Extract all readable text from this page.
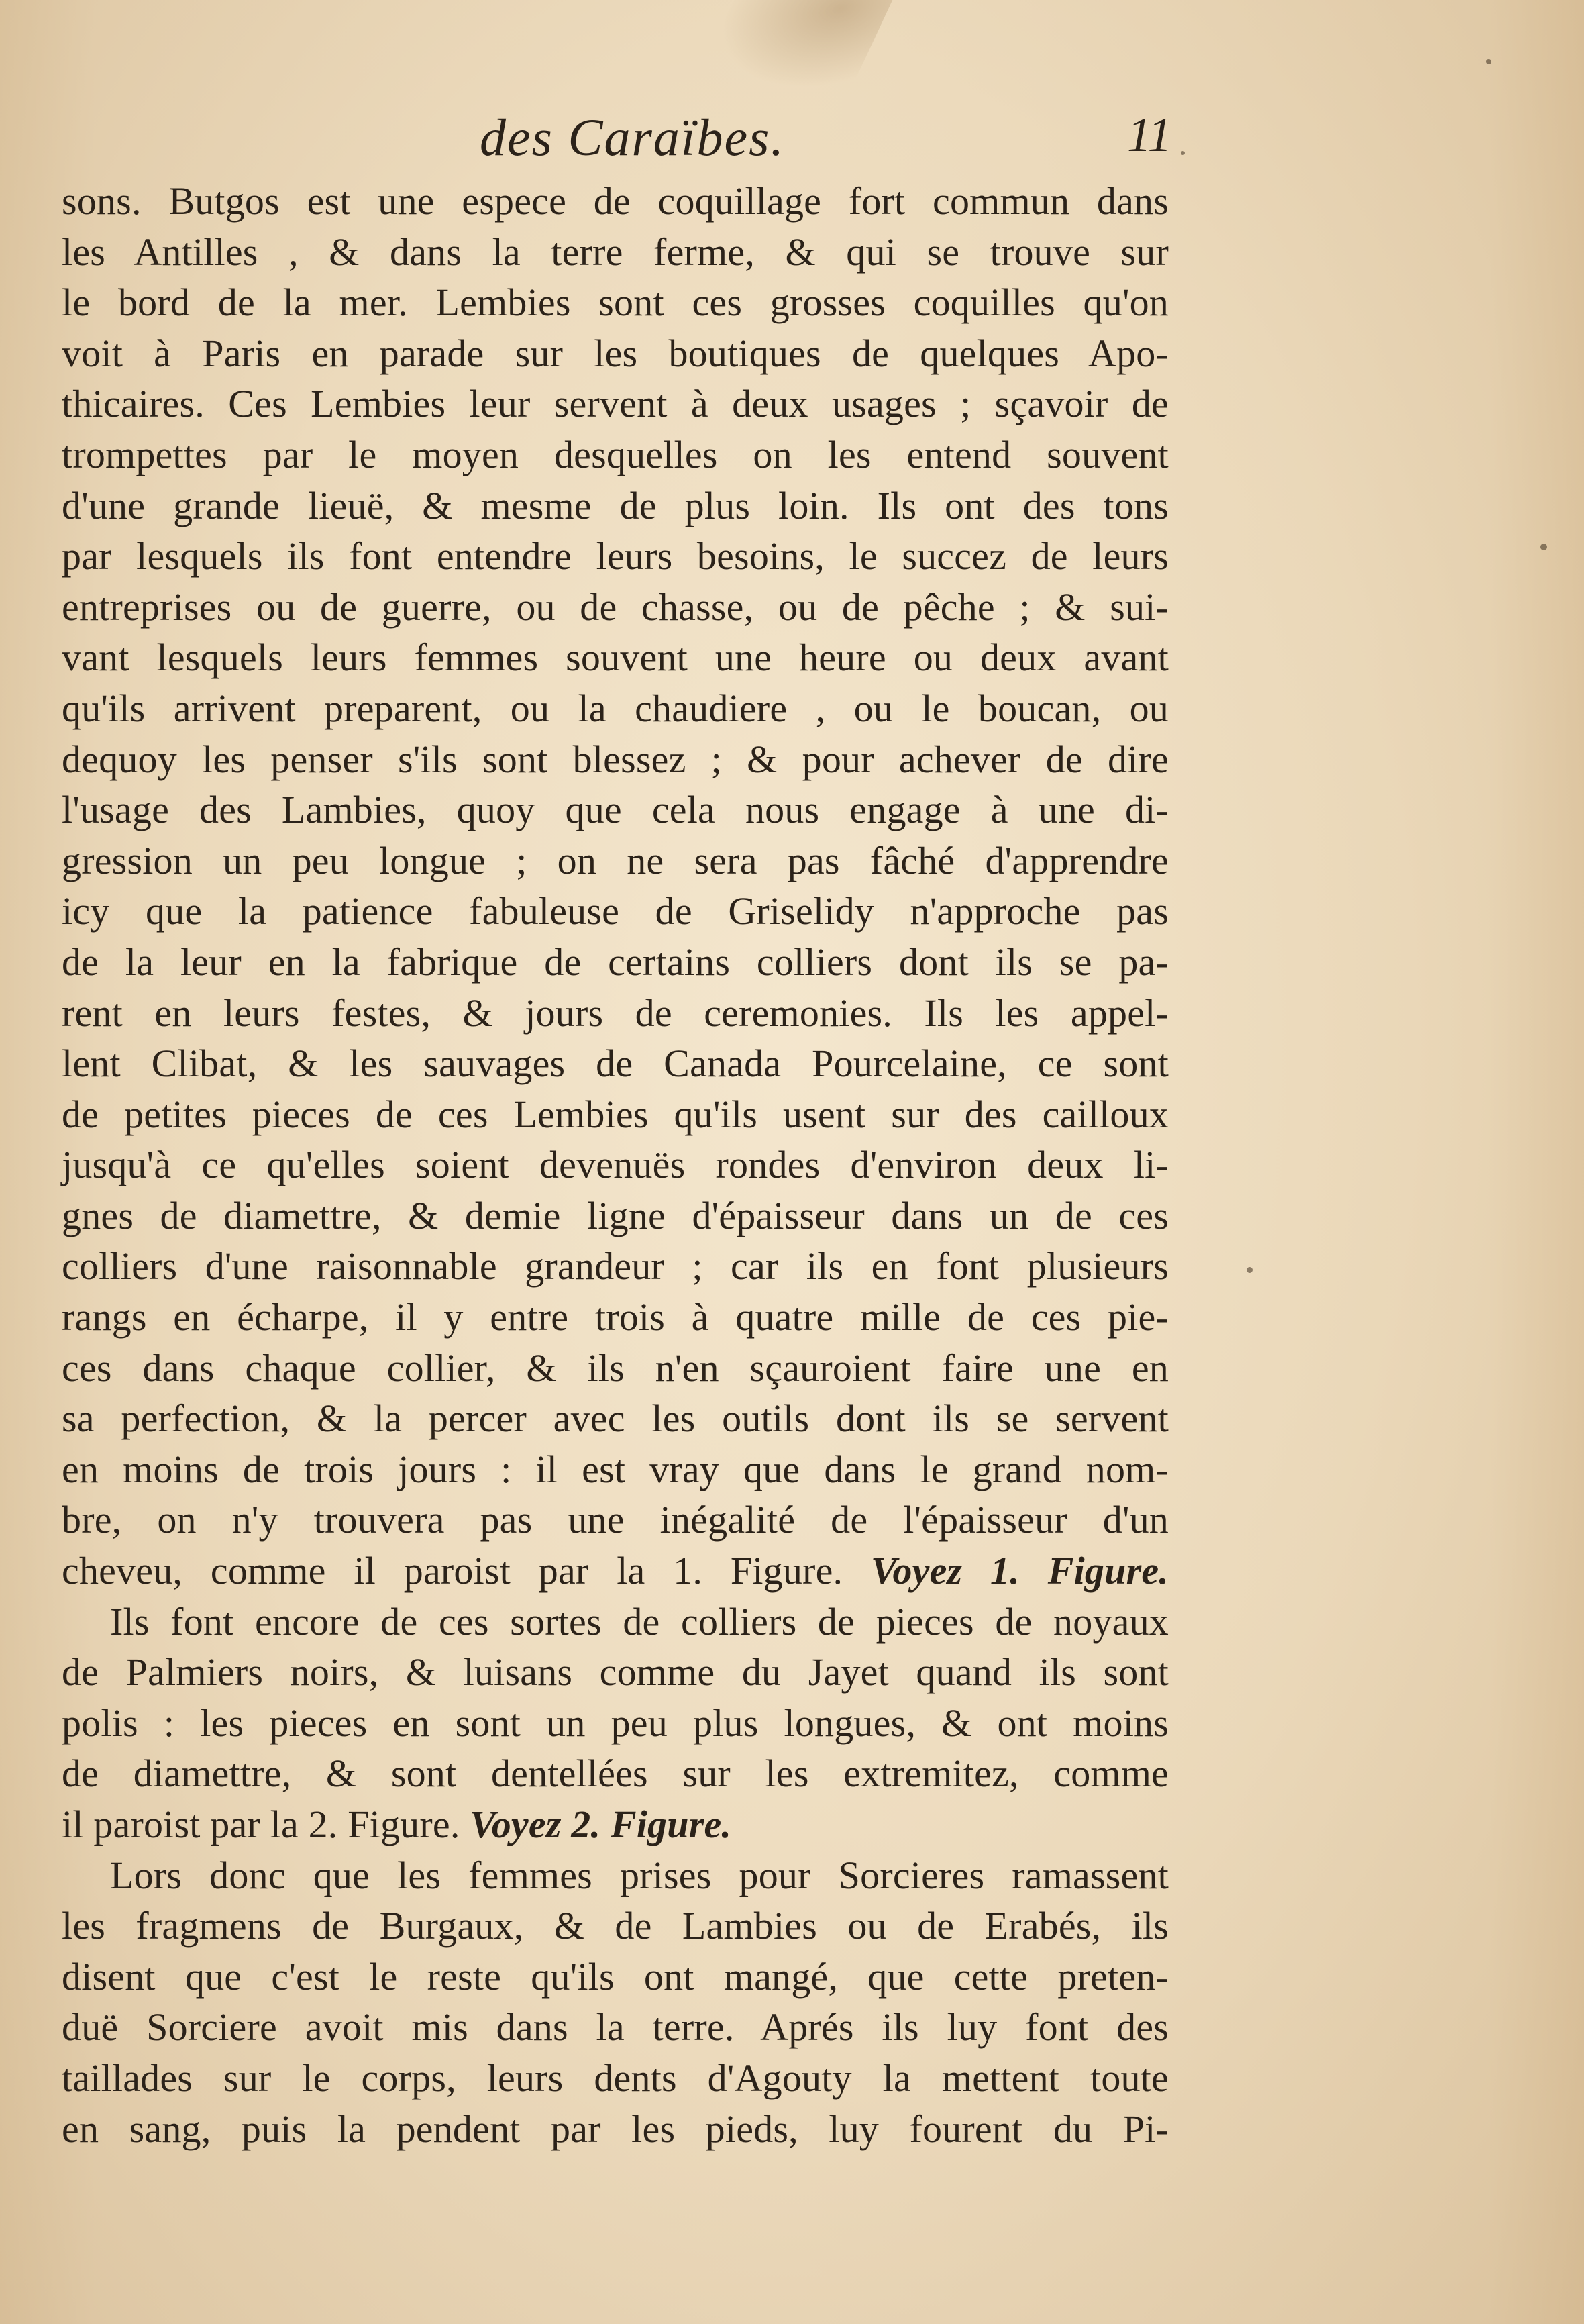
des Caraïbes.	11
sons. Butgos est une espece de coquillage fort commun dans
les Antilles , & dans la terre ferme, & qui se trouve sur
le bord de la mer. Lembies sont ces grosses coquilles qu'on
voit à Paris en parade sur les boutiques de quelques Apo-
thicaires. Ces Lembies leur servent à deux usages ; sçavoir de
trompettes par le moyen desquelles on les entend souvent
d'une grande lieuë, & mesme de plus loin. Ils ont des tons
par lesquels ils font entendre leurs besoins, le succez de leurs
entreprises ou de guerre, ou de chasse, ou de pêche ; & sui-
vant lesquels leurs femmes souvent une heure ou deux avant
qu'ils arrivent preparent, ou la chaudiere , ou le boucan, ou
dequoy les penser s'ils sont blessez ; & pour achever de dire
l'usage des Lambies, quoy que cela nous engage à une di-
gression un peu longue ; on ne sera pas fâché d'apprendre
icy que la patience fabuleuse de Griselidy n'approche pas
de la leur en la fabrique de certains colliers dont ils se pa-
rent en leurs festes, & jours de ceremonies. Ils les appel-
lent Clibat, & les sauvages de Canada Pourcelaine, ce sont
de petites pieces de ces Lembies qu'ils usent sur des cailloux
jusqu'à ce qu'elles soient devenuës rondes d'environ deux li-
gnes de diamettre, & demie ligne d'épaisseur dans un de ces
colliers d'une raisonnable grandeur ; car ils en font plusieurs
rangs en écharpe, il y entre trois à quatre mille de ces pie-
ces dans chaque collier, & ils n'en sçauroient faire une en
sa perfection, & la percer avec les outils dont ils se servent
en moins de trois jours : il est vray que dans le grand nom-
bre, on n'y trouvera pas une inégalité de l'épaisseur d'un
cheveu, comme il paroist par la 1. Figure. Voyez 1. Figure.
Ils font encore de ces sortes de colliers de pieces de noyaux
de Palmiers noirs, & luisans comme du Jayet quand ils sont
polis : les pieces en sont un peu plus longues, & ont moins
de diamettre, & sont dentellées sur les extremitez, comme
il paroist par la 2. Figure. Voyez 2. Figure.
Lors donc que les femmes prises pour Sorcieres ramassent
les fragmens de Burgaux, & de Lambies ou de Erabés, ils
disent que c'est le reste qu'ils ont mangé, que cette preten-
duë Sorciere avoit mis dans la terre. Aprés ils luy font des
taillades sur le corps, leurs dents d'Agouty la mettent toute
en sang, puis la pendent par les pieds, luy fourent du Pi-
